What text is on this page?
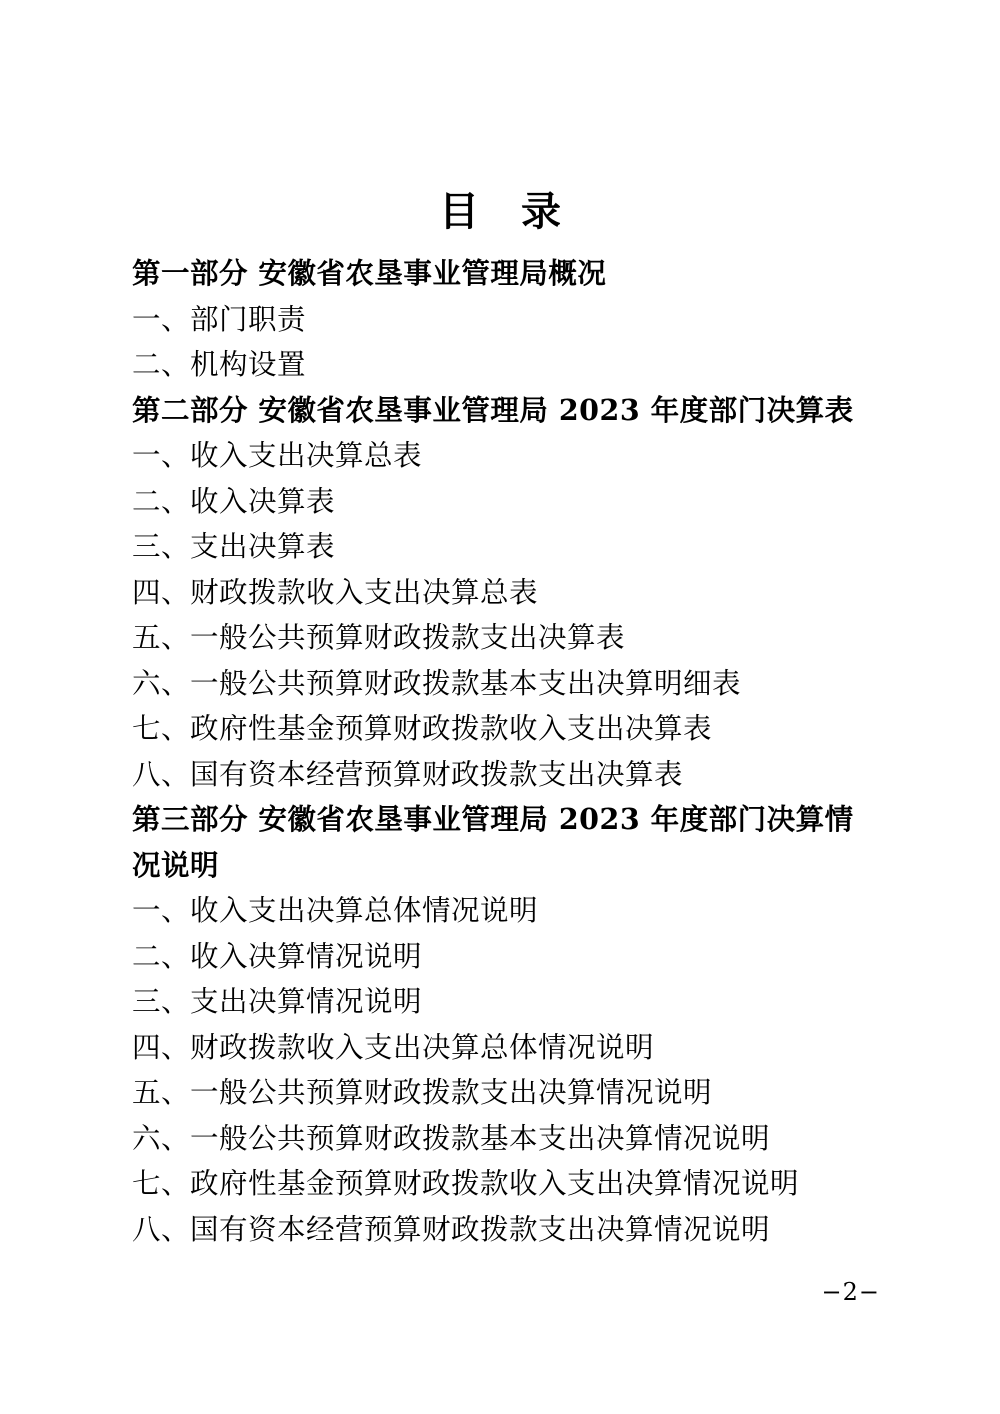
目 录
第一部分 安徽省农垦事业管理局概况
一、部门职责
二、机构设置
第二部分 安徽省农垦事业管理局 2023 年度部门决算表
一、收入支出决算总表
二、收入决算表
三、支出决算表
四、财政拨款收入支出决算总表
五、一般公共预算财政拨款支出决算表
六、一般公共预算财政拨款基本支出决算明细表
七、政府性基金预算财政拨款收入支出决算表
八、国有资本经营预算财政拨款支出决算表
第三部分 安徽省农垦事业管理局 2023 年度部门决算情
况说明
一、收入支出决算总体情况说明
二、收入决算情况说明
三、支出决算情况说明
四、财政拨款收入支出决算总体情况说明
五、一般公共预算财政拨款支出决算情况说明
六、一般公共预算财政拨款基本支出决算情况说明
七、政府性基金预算财政拨款收入支出决算情况说明
八、国有资本经营预算财政拨款支出决算情况说明
−2−
